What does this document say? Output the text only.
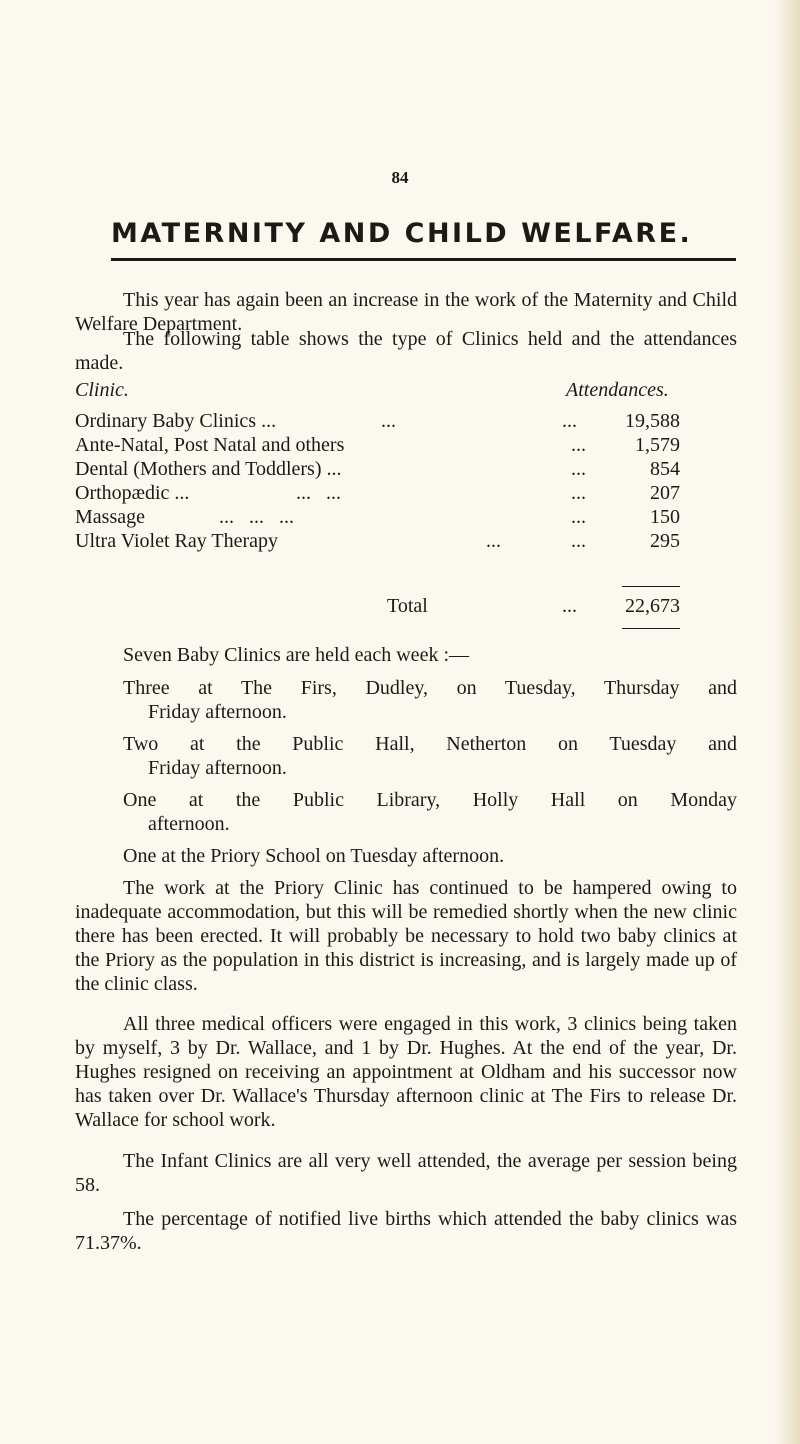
84
MATERNITY AND CHILD WELFARE.
This year has again been an increase in the work of the Maternity and Child Welfare Department.
The following table shows the type of Clinics held and the attendances made.
Clinic.	Attendances.
Ordinary Baby Clinics ...	...	... 19,588
Ante-Natal, Post Natal and others	... 1,579
Dental (Mothers and Toddlers) ...	...	854
Orthopædic ...	...   ...	...	207
Massage	...   ...   ...	...	150
Ultra Violet Ray Therapy	...	...	295
Total	... 22,673
Seven Baby Clinics are held each week :—
Three at The Firs, Dudley, on Tuesday, Thursday and
Friday afternoon.
Two at the Public Hall, Netherton on Tuesday and
Friday afternoon.
One at the Public Library, Holly Hall on Monday
afternoon.
One at the Priory School on Tuesday afternoon.
The work at the Priory Clinic has continued to be hampered owing to inadequate accommodation, but this will be remedied shortly when the new clinic there has been erected. It will probably be necessary to hold two baby clinics at the Priory as the population in this district is increasing, and is largely made up of the clinic class.
All three medical officers were engaged in this work, 3 clinics being taken by myself, 3 by Dr. Wallace, and 1 by Dr. Hughes. At the end of the year, Dr. Hughes resigned on receiving an appointment at Oldham and his successor now has taken over Dr. Wallace's Thursday afternoon clinic at The Firs to release Dr. Wallace for school work.
The Infant Clinics are all very well attended, the average per session being 58.
The percentage of notified live births which attended the baby clinics was 71.37%.
